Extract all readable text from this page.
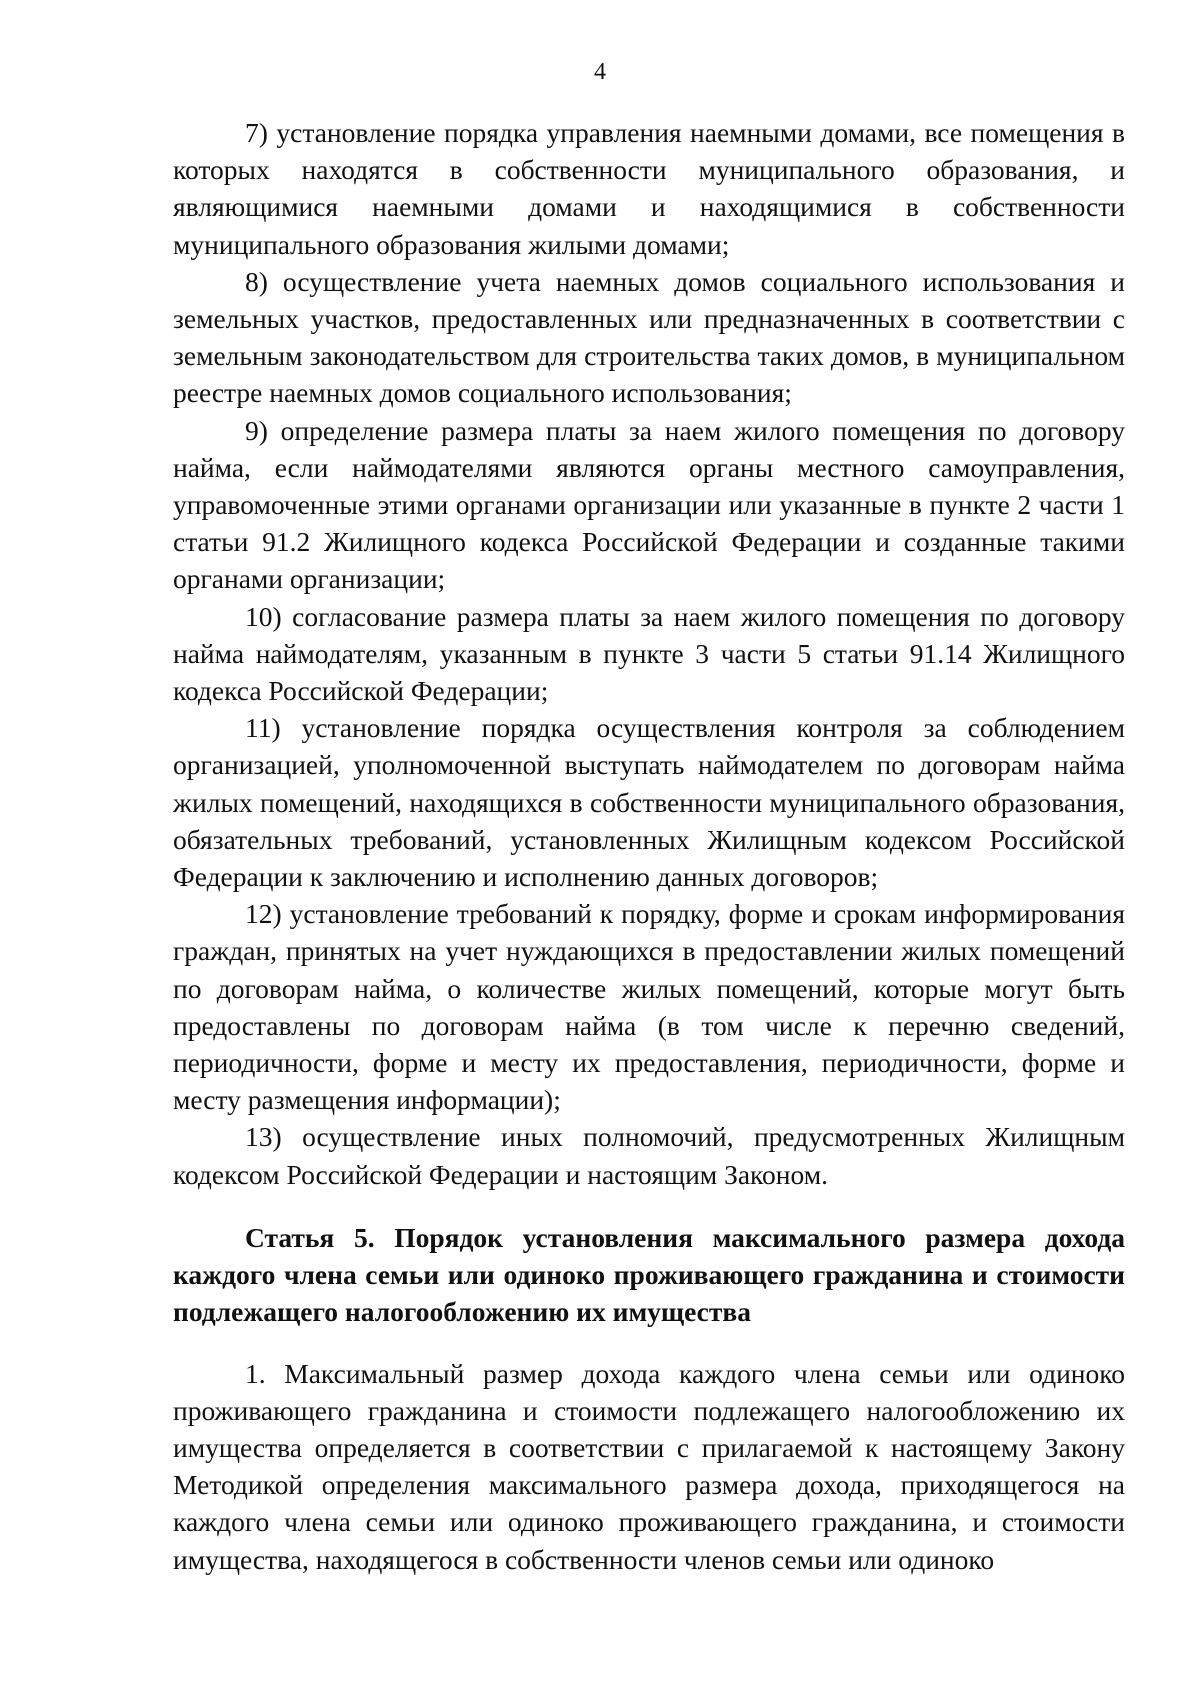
4

7) установление порядка управления наемными домами, все помещения в которых находятся в собственности муниципального образования, и являющимися наемными домами и находящимися в собственности муниципального образования жилыми домами;

8) осуществление учета наемных домов социального использования и земельных участков, предоставленных или предназначенных в соответствии с земельным законодательством для строительства таких домов, в муниципальном реестре наемных домов социального использования;

9) определение размера платы за наем жилого помещения по договору найма, если наймодателями являются органы местного самоуправления, управомоченные этими органами организации или указанные в пункте 2 части 1 статьи 91.2 Жилищного кодекса Российской Федерации и созданные такими органами организации;

10) согласование размера платы за наем жилого помещения по договору найма наймодателям, указанным в пункте 3 части 5 статьи 91.14 Жилищного кодекса Российской Федерации;

11) установление порядка осуществления контроля за соблюдением организацией, уполномоченной выступать наймодателем по договорам найма жилых помещений, находящихся в собственности муниципального образования, обязательных требований, установленных Жилищным кодексом Российской Федерации к заключению и исполнению данных договоров;

12) установление требований к порядку, форме и срокам информирования граждан, принятых на учет нуждающихся в предоставлении жилых помещений по договорам найма, о количестве жилых помещений, которые могут быть предоставлены по договорам найма (в том числе к перечню сведений, периодичности, форме и месту их предоставления, периодичности, форме и месту размещения информации);

13) осуществление иных полномочий, предусмотренных Жилищным кодексом Российской Федерации и настоящим Законом.

Статья 5. Порядок установления максимального размера дохода каждого члена семьи или одиноко проживающего гражданина и стоимости подлежащего налогообложению их имущества

1. Максимальный размер дохода каждого члена семьи или одиноко проживающего гражданина и стоимости подлежащего налогообложению их имущества определяется в соответствии с прилагаемой к настоящему Закону Методикой определения максимального размера дохода, приходящегося на каждого члена семьи или одиноко проживающего гражданина, и стоимости имущества, находящегося в собственности членов семьи или одиноко
